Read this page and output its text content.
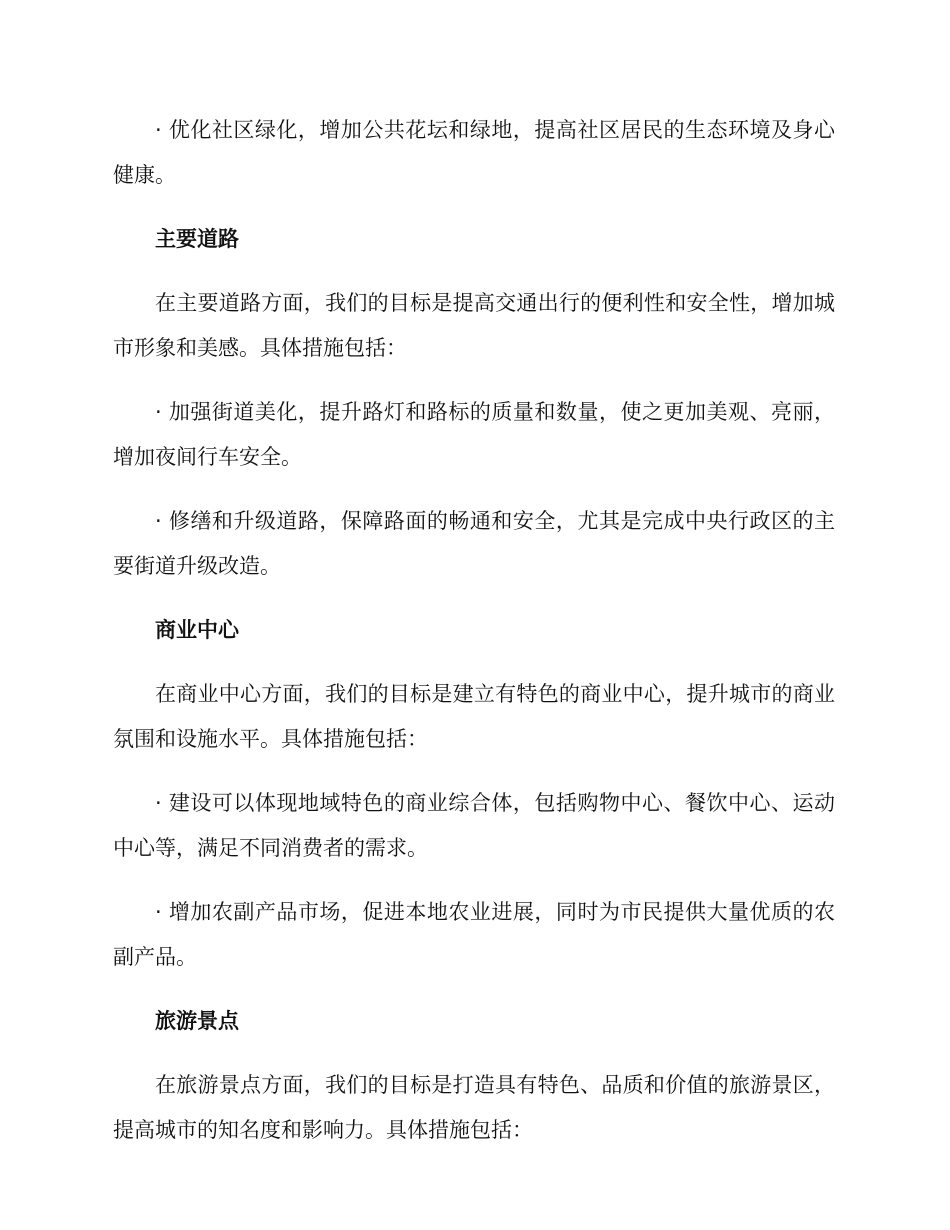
· 优化社区绿化，增加公共花坛和绿地，提高社区居民的生态环境及身心健康。

主要道路

在主要道路方面，我们的目标是提高交通出行的便利性和安全性，增加城市形象和美感。具体措施包括：

· 加强街道美化，提升路灯和路标的质量和数量，使之更加美观、亮丽，增加夜间行车安全。

· 修缮和升级道路，保障路面的畅通和安全，尤其是完成中央行政区的主要街道升级改造。

商业中心

在商业中心方面，我们的目标是建立有特色的商业中心，提升城市的商业氛围和设施水平。具体措施包括：

· 建设可以体现地域特色的商业综合体，包括购物中心、餐饮中心、运动中心等，满足不同消费者的需求。

· 增加农副产品市场，促进本地农业进展，同时为市民提供大量优质的农副产品。

旅游景点

在旅游景点方面，我们的目标是打造具有特色、品质和价值的旅游景区，提高城市的知名度和影响力。具体措施包括：
